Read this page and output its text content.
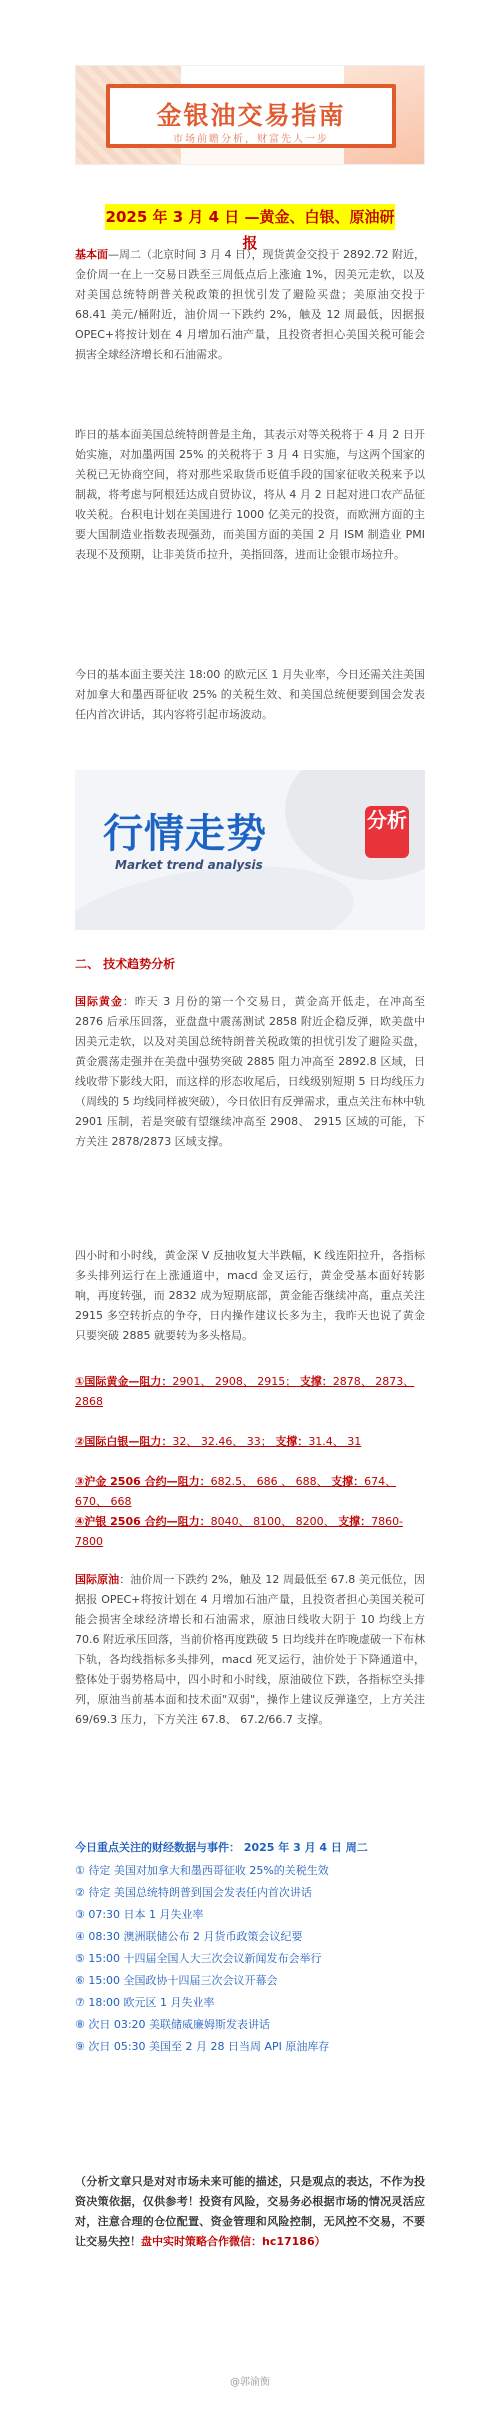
金银油交易指南
市场前瞻分析，财富先人一步
2025 年 3 月 4 日 —黄金、白银、原油研报
基本面—周二（北京时间 3 月 4 日），现货黄金交投于 2892.72 附近，金价周一在上一交易日跌至三周低点后上涨逾 1%，因美元走软，以及对美国总统特朗普关税政策的担忧引发了避险买盘；美原油交投于 68.41 美元/桶附近，油价周一下跌约 2%，触及 12 周最低，因据报 OPEC+将按计划在 4 月增加石油产量，且投资者担心美国关税可能会损害全球经济增长和石油需求。
昨日的基本面美国总统特朗普是主角，其表示对等关税将于 4 月 2 日开始实施，对加墨两国 25% 的关税将于 3 月 4 日实施，与这两个国家的关税已无协商空间，将对那些采取货币贬值手段的国家征收关税来予以制裁，将考虑与阿根廷达成自贸协议，将从 4 月 2 日起对进口农产品征收关税。台积电计划在美国进行 1000 亿美元的投资，而欧洲方面的主要大国制造业指数表现强劲，而美国方面的美国 2 月 ISM 制造业 PMI 表现不及预期，让非美货币拉升，美指回落，进而让金银市场拉升。
今日的基本面主要关注 18:00 的欧元区 1 月失业率，今日还需关注美国对加拿大和墨西哥征收 25% 的关税生效、和美国总统便要到国会发表任内首次讲话，其内容将引起市场波动。
行情走势
Market trend analysis
分析
二、 技术趋势分析
国际黄金：昨天 3 月份的第一个交易日，黄金高开低走，在冲高至 2876 后承压回落，亚盘盘中震荡测试 2858 附近企稳反弹，欧美盘中因美元走软，以及对美国总统特朗普关税政策的担忧引发了避险买盘，黄金震荡走强并在美盘中强势突破 2885 阻力冲高至 2892.8 区域，日线收带下影线大阳，而这样的形态收尾后，日线级别短期 5 日均线压力（周线的 5 均线同样被突破），今日依旧有反弹需求，重点关注布林中轨 2901 压制，若是突破有望继续冲高至 2908、 2915 区域的可能，下方关注 2878/2873 区域支撑。
四小时和小时线，黄金深 V 反抽收复大半跌幅，K 线连阳拉升，各指标多头排列运行在上涨通道中，macd 金叉运行，黄金受基本面好转影响，再度转强，而 2832 成为短期底部，黄金能否继续冲高，重点关注 2915 多空转折点的争夺，日内操作建议长多为主，我昨天也说了黄金只要突破 2885 就要转为多头格局。
①国际黄金—阻力：2901、 2908、 2915； 支撑：2878、 2873、 2868
②国际白银—阻力：32、 32.46、 33； 支撑：31.4、 31
③沪金 2506 合约—阻力：682.5、 686 、 688、 支撑：674、 670、 668
④沪银 2506 合约—阻力：8040、 8100、 8200、 支撑：7860-7800
国际原油：油价周一下跌约 2%，触及 12 周最低至 67.8 美元低位，因据报 OPEC+将按计划在 4 月增加石油产量，且投资者担心美国关税可能会损害全球经济增长和石油需求，原油日线收大阴于 10 均线上方 70.6 附近承压回落，当前价格再度跌破 5 日均线并在昨晚虚破一下布林下轨，各均线指标多头排列，macd 死叉运行，油价处于下降通道中，整体处于弱势格局中，四小时和小时线，原油破位下跌，各指标空头排列，原油当前基本面和技术面"双弱"，操作上建议反弹逢空，上方关注 69/69.3 压力，下方关注 67.8、 67.2/66.7 支撑。
今日重点关注的财经数据与事件： 2025 年 3 月 4 日 周二
① 待定 美国对加拿大和墨西哥征收 25%的关税生效
② 待定 美国总统特朗普到国会发表任内首次讲话
③ 07:30 日本 1 月失业率
④ 08:30 澳洲联储公布 2 月货币政策会议纪要
⑤ 15:00 十四届全国人大三次会议新闻发布会举行
⑥ 15:00 全国政协十四届三次会议开幕会
⑦ 18:00 欧元区 1 月失业率
⑧ 次日 03:20 美联储威廉姆斯发表讲话
⑨ 次日 05:30 美国至 2 月 28 日当周 API 原油库存
（分析文章只是对对市场未来可能的描述，只是观点的表达，不作为投资决策依据，仅供参考！投资有风险，交易务必根据市场的情况灵活应对，注意合理的仓位配置、资金管理和风险控制，无风控不交易，不要让交易失控！盘中实时策略合作微信：hc17186）
@郭渝衡
